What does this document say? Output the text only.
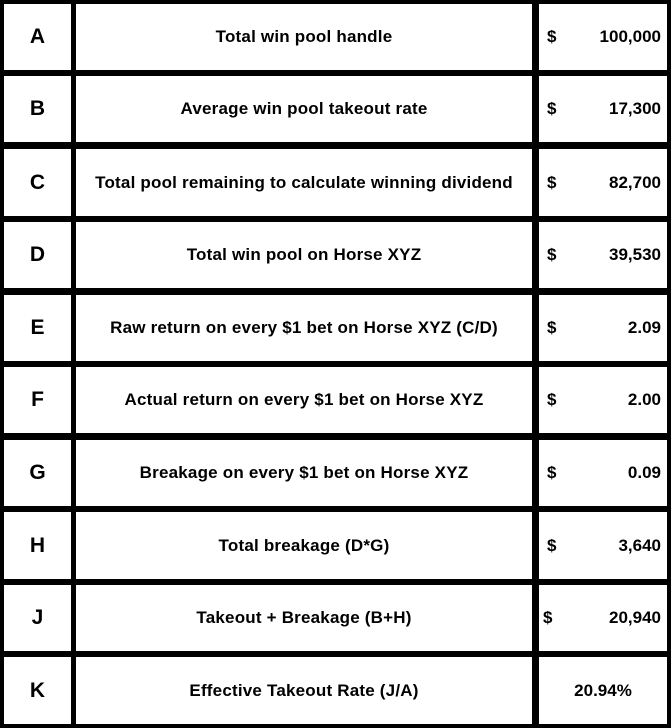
A	Total win pool handle	$	100,000
B	Average win pool takeout rate	$	17,300
C	Total pool remaining to calculate winning dividend	$	82,700
D	Total win pool on Horse XYZ	$	39,530
E	Raw return on every $1 bet on Horse XYZ (C/D)	$	2.09
F	Actual return on every $1 bet on Horse XYZ	$	2.00
G	Breakage on every $1 bet on Horse XYZ	$	0.09
H	Total breakage (D*G)	$	3,640
J	Takeout + Breakage (B+H)	$	20,940
K	Effective Takeout Rate (J/A)	20.94%
